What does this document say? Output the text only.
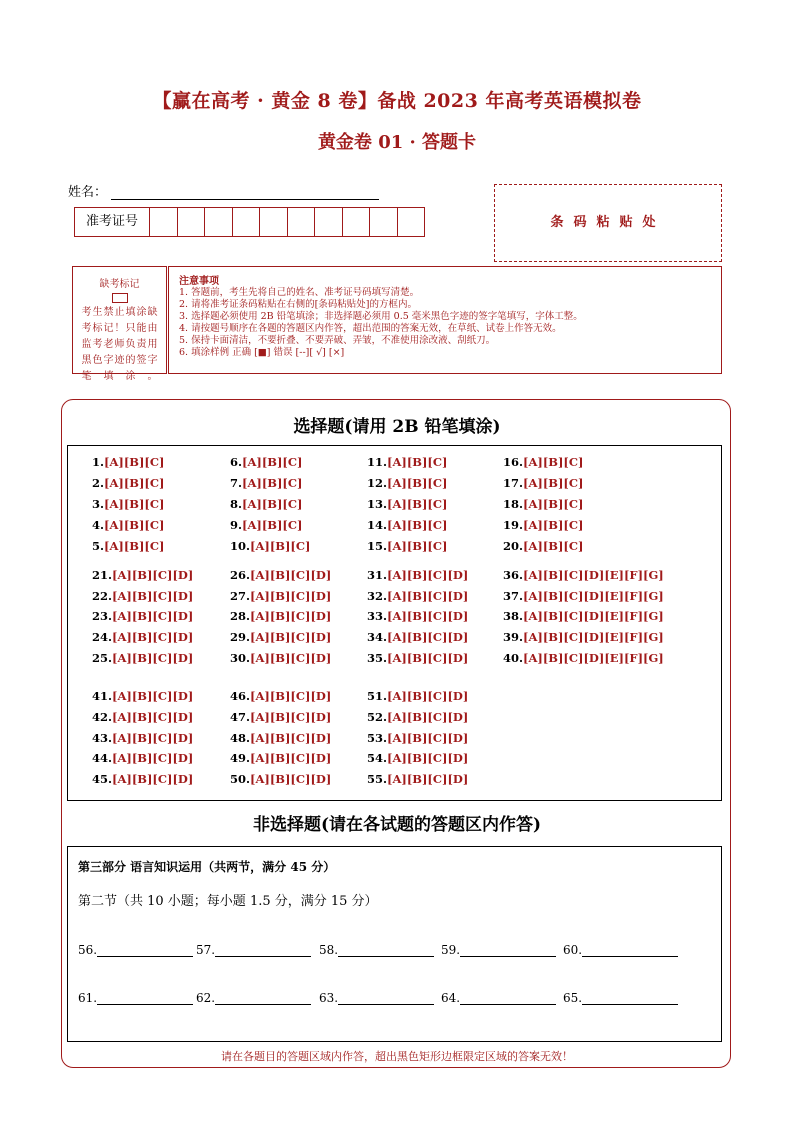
【赢在高考 · 黄金 8 卷】备战 2023 年高考英语模拟卷
黄金卷 01 · 答题卡
姓名：
准考证号	条码粘贴处
缺考标记
考生禁止填涂缺考标记！只能由监考老师负责用黑色字迹的签字笔填涂。
注意事项
1. 答题前，考生先将自己的姓名、准考证号码填写清楚。
2. 请将准考证条码粘贴在右侧的[条码粘贴处]的方框内。
3. 选择题必须使用 2B 铅笔填涂；非选择题必须用 0.5 毫米黑色字迹的签字笔填写，字体工整。
4. 请按题号顺序在各题的答题区内作答，超出范围的答案无效，在草纸、试卷上作答无效。
5. 保持卡面清洁，不要折叠、不要弄破、弄皱，不准使用涂改液、刮纸刀。
6. 填涂样例 正确 [■] 错误 [--][ √] [×]
选择题(请用 2B 铅笔填涂)
1.[A][B][C]
2.[A][B][C]
3.[A][B][C]
4.[A][B][C]
5.[A][B][C]
6.[A][B][C]
7.[A][B][C]
8.[A][B][C]
9.[A][B][C]
10.[A][B][C]
11.[A][B][C]
12.[A][B][C]
13.[A][B][C]
14.[A][B][C]
15.[A][B][C]
16.[A][B][C]
17.[A][B][C]
18.[A][B][C]
19.[A][B][C]
20.[A][B][C]
21.[A][B][C][D]
22.[A][B][C][D]
23.[A][B][C][D]
24.[A][B][C][D]
25.[A][B][C][D]
26.[A][B][C][D]
27.[A][B][C][D]
28.[A][B][C][D]
29.[A][B][C][D]
30.[A][B][C][D]
31.[A][B][C][D]
32.[A][B][C][D]
33.[A][B][C][D]
34.[A][B][C][D]
35.[A][B][C][D]
36.[A][B][C][D][E][F][G]
37.[A][B][C][D][E][F][G]
38.[A][B][C][D][E][F][G]
39.[A][B][C][D][E][F][G]
40.[A][B][C][D][E][F][G]
41.[A][B][C][D]
42.[A][B][C][D]
43.[A][B][C][D]
44.[A][B][C][D]
45.[A][B][C][D]
46.[A][B][C][D]
47.[A][B][C][D]
48.[A][B][C][D]
49.[A][B][C][D]
50.[A][B][C][D]
51.[A][B][C][D]
52.[A][B][C][D]
53.[A][B][C][D]
54.[A][B][C][D]
55.[A][B][C][D]
非选择题(请在各试题的答题区内作答)
第三部分 语言知识运用（共两节，满分 45 分）
第二节（共 10 小题；每小题 1.5 分，满分 15 分）
56.	57.	58.	59.	60.
61.	62.	63.	64.	65.
请在各题目的答题区域内作答，超出黑色矩形边框限定区域的答案无效！
